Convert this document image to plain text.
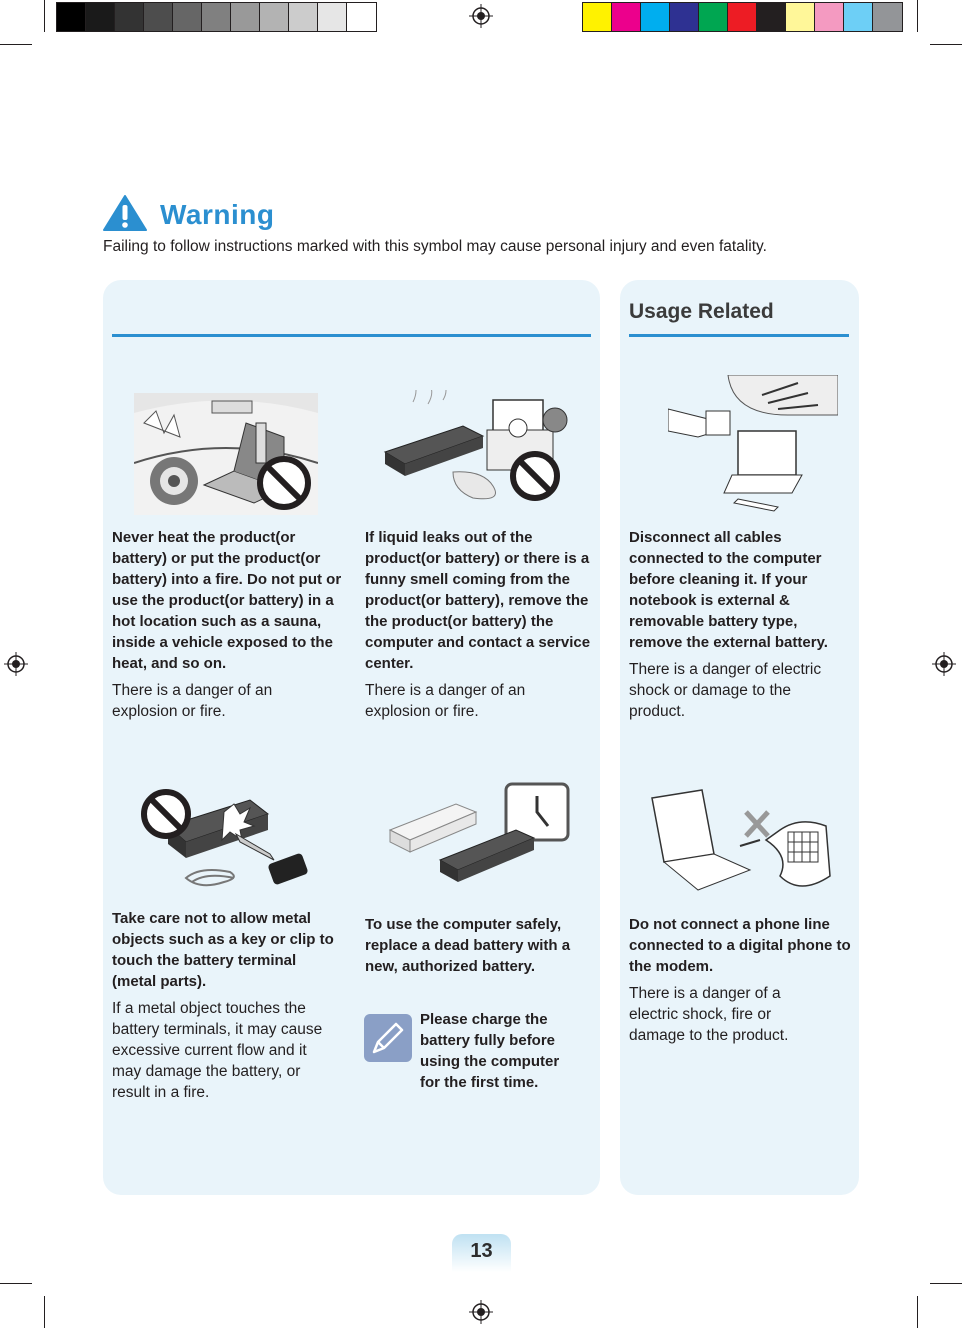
Warning
Failing to follow instructions marked with this symbol may cause personal injury and even fatality.
Usage Related
Never heat the product(or battery) or put the product(or battery) into a fire. Do not put or use the product(or battery) in a hot location such as a sauna, inside a vehicle exposed to the heat, and so on.
There is a danger of an explosion or fire.
If liquid leaks out of the product(or battery) or there is a funny smell coming from the product(or battery), remove the the product(or battery) the computer and contact a service center.
There is a danger of an explosion or fire.
Disconnect all cables connected to the computer before cleaning it. If your notebook is external & removable battery type, remove the external battery.
There is a danger of electric shock or damage to the product.
Take care not to allow metal objects such as a key or clip to touch the battery terminal (metal parts).
If a metal object touches the battery terminals, it may cause excessive current flow and it may damage the battery, or result in a fire.
To use the computer safely, replace a dead battery with a new, authorized battery.
Do not connect a phone line connected to a digital phone to the modem.
There is a danger of a electric shock, fire or damage to the product.
Please charge the battery fully before using the computer for the first time.
13
